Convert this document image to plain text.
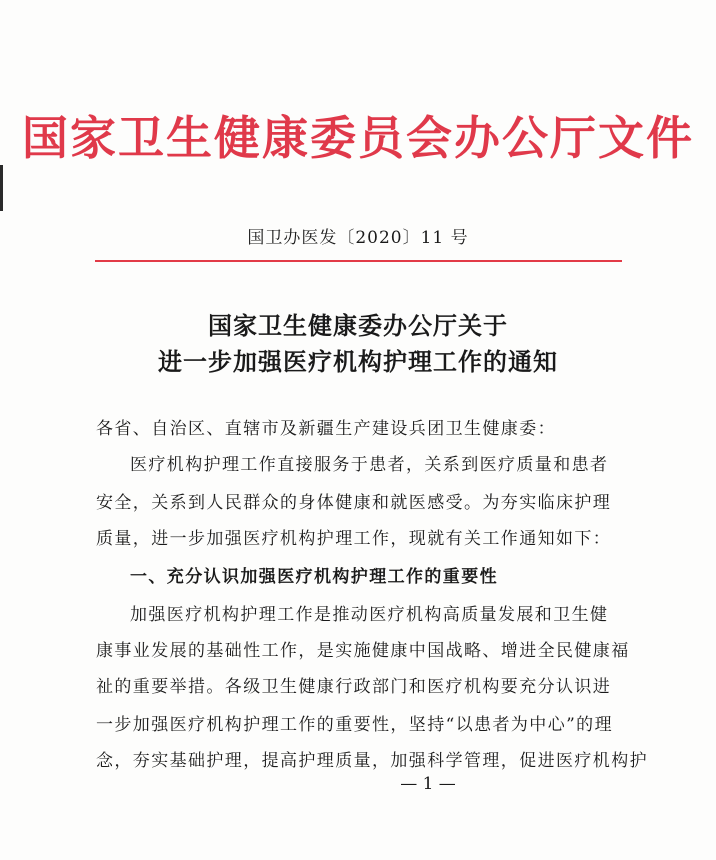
国家卫生健康委员会办公厅文件
国卫办医发〔2020〕11 号
国家卫生健康委办公厅关于
进一步加强医疗机构护理工作的通知
各省、自治区、直辖市及新疆生产建设兵团卫生健康委：
医疗机构护理工作直接服务于患者，关系到医疗质量和患者
安全，关系到人民群众的身体健康和就医感受。为夯实临床护理
质量，进一步加强医疗机构护理工作，现就有关工作通知如下：
一、充分认识加强医疗机构护理工作的重要性
加强医疗机构护理工作是推动医疗机构高质量发展和卫生健
康事业发展的基础性工作，是实施健康中国战略、增进全民健康福
祉的重要举措。各级卫生健康行政部门和医疗机构要充分认识进
一步加强医疗机构护理工作的重要性，坚持“以患者为中心”的理
念，夯实基础护理，提高护理质量，加强科学管理，促进医疗机构护
— 1 —
